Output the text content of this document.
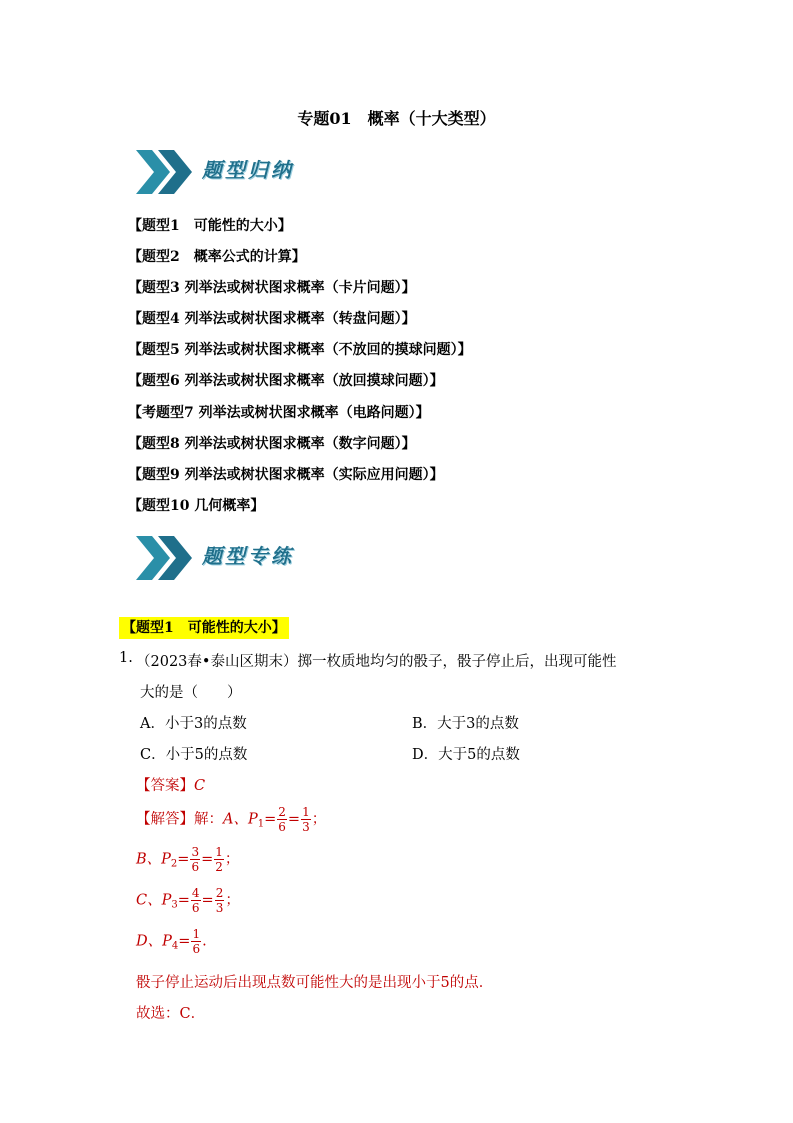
专题01　概率（十大类型）
题型归纳
【题型1　可能性的大小】
【题型2　概率公式的计算】
【题型3 列举法或树状图求概率（卡片问题）】
【题型4 列举法或树状图求概率（转盘问题）】
【题型5 列举法或树状图求概率（不放回的摸球问题）】
【题型6 列举法或树状图求概率（放回摸球问题）】
【考题型7 列举法或树状图求概率（电路问题）】
【题型8 列举法或树状图求概率（数字问题）】
【题型9 列举法或树状图求概率（实际应用问题）】
【题型10 几何概率】
题型专练
【题型1　可能性的大小】
1. （2023春•泰山区期末）掷一枚质地均匀的骰子，骰子停止后，出现可能性
大的是（　　）
A．小于3的点数	B．大于3的点数
C．小于5的点数	D．大于5的点数
【答案】C
【解答】解：A、$P_1= \frac{2}{6} = \frac{1}{3}$ ；
B、$P_2= \frac{3}{6} = \frac{1}{2}$ ；
C、$P_3= \frac{4}{6} = \frac{2}{3}$ ；
D、$P_4= \frac{1}{6}$ .
骰子停止运动后出现点数可能性大的是出现小于5的点．
故选：C．
